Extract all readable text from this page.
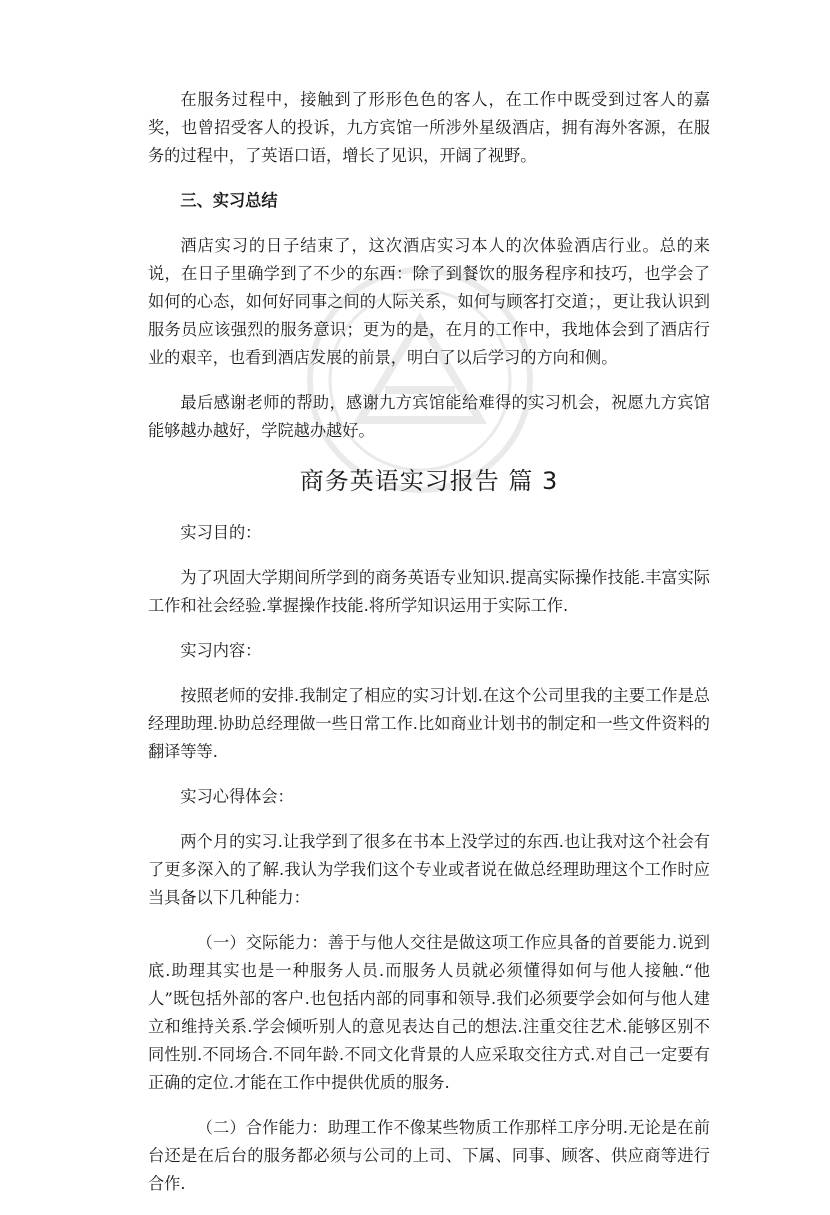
在服务过程中，接触到了形形色色的客人，在工作中既受到过客人的嘉奖，也曾招受客人的投诉，九方宾馆一所涉外星级酒店，拥有海外客源，在服务的过程中，了英语口语，增长了见识，开阔了视野。

三、实习总结

酒店实习的日子结束了，这次酒店实习本人的次体验酒店行业。总的来说，在日子里确学到了不少的东西：除了到餐饮的服务程序和技巧，也学会了如何的心态，如何好同事之间的人际关系，如何与顾客打交道；，更让我认识到服务员应该强烈的服务意识；更为的是，在月的工作中，我地体会到了酒店行业的艰辛，也看到酒店发展的前景，明白了以后学习的方向和侧。

最后感谢老师的帮助，感谢九方宾馆能给难得的实习机会，祝愿九方宾馆能够越办越好，学院越办越好。

商务英语实习报告 篇 3

实习目的：

为了巩固大学期间所学到的商务英语专业知识.提高实际操作技能.丰富实际工作和社会经验.掌握操作技能.将所学知识运用于实际工作.

实习内容：

按照老师的安排.我制定了相应的实习计划.在这个公司里我的主要工作是总经理助理.协助总经理做一些日常工作.比如商业计划书的制定和一些文件资料的翻译等等.

实习心得体会：

两个月的实习.让我学到了很多在书本上没学过的东西.也让我对这个社会有了更多深入的了解.我认为学我们这个专业或者说在做总经理助理这个工作时应当具备以下几种能力：

（一）交际能力：善于与他人交往是做这项工作应具备的首要能力.说到底.助理其实也是一种服务人员.而服务人员就必须懂得如何与他人接触.“他人”既包括外部的客户.也包括内部的同事和领导.我们必须要学会如何与他人建立和维持关系.学会倾听别人的意见表达自己的想法.注重交往艺术.能够区别不同性别.不同场合.不同年龄.不同文化背景的人应采取交往方式.对自己一定要有正确的定位.才能在工作中提供优质的服务.

（二）合作能力：助理工作不像某些物质工作那样工序分明.无论是在前台还是在后台的服务都必须与公司的上司、下属、同事、顾客、供应商等进行合作.
